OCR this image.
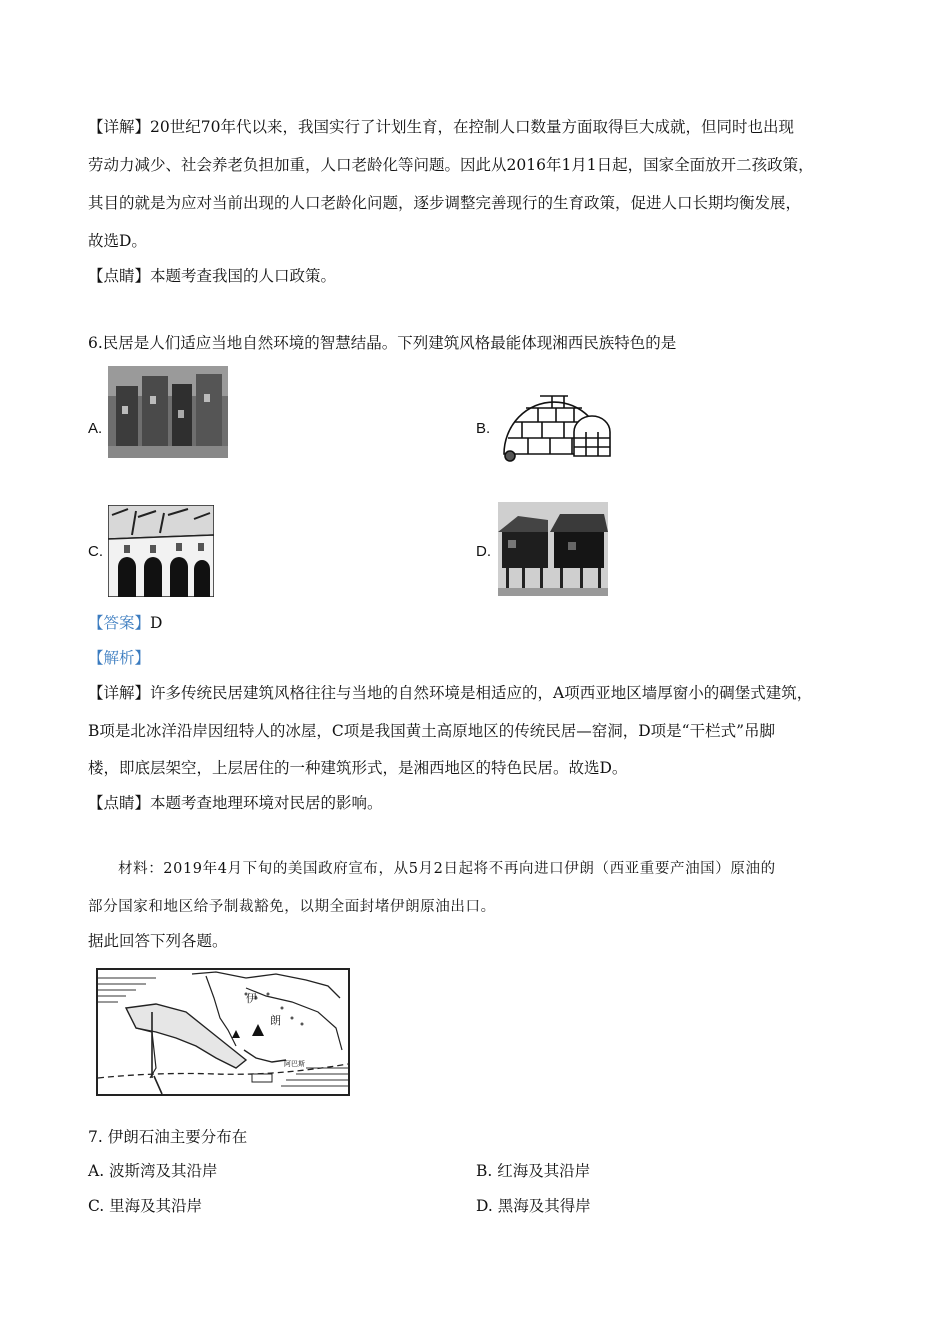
【详解】20世纪70年代以来，我国实行了计划生育，在控制人口数量方面取得巨大成就，但同时也出现
劳动力减少、社会养老负担加重，人口老龄化等问题。因此从2016年1月1日起，国家全面放开二孩政策，
其目的就是为应对当前出现的人口老龄化问题，逐步调整完善现行的生育政策，促进人口长期均衡发展，
故选D。
【点睛】本题考查我国的人口政策。
6.民居是人们适应当地自然环境的智慧结晶。下列建筑风格最能体现湘西民族特色的是
A.	B.
C.	D.
【答案】D
【解析】
【详解】许多传统民居建筑风格往往与当地的自然环境是相适应的，A项西亚地区墙厚窗小的碉堡式建筑，
B项是北冰洋沿岸因纽特人的冰屋，C项是我国黄土高原地区的传统民居—窑洞，D项是“干栏式”吊脚
楼，即底层架空，上层居住的一种建筑形式，是湘西地区的特色民居。故选D。
【点睛】本题考查地理环境对民居的影响。
材料：2019年4月下旬的美国政府宣布，从5月2日起将不再向进口伊朗（西亚重要产油国）原油的
部分国家和地区给予制裁豁免，以期全面封堵伊朗原油出口。
据此回答下列各题。
伊
朗
阿巴斯
7. 伊朗石油主要分布在
A. 波斯湾及其沿岸	B. 红海及其沿岸
C. 里海及其沿岸	D. 黑海及其得岸
